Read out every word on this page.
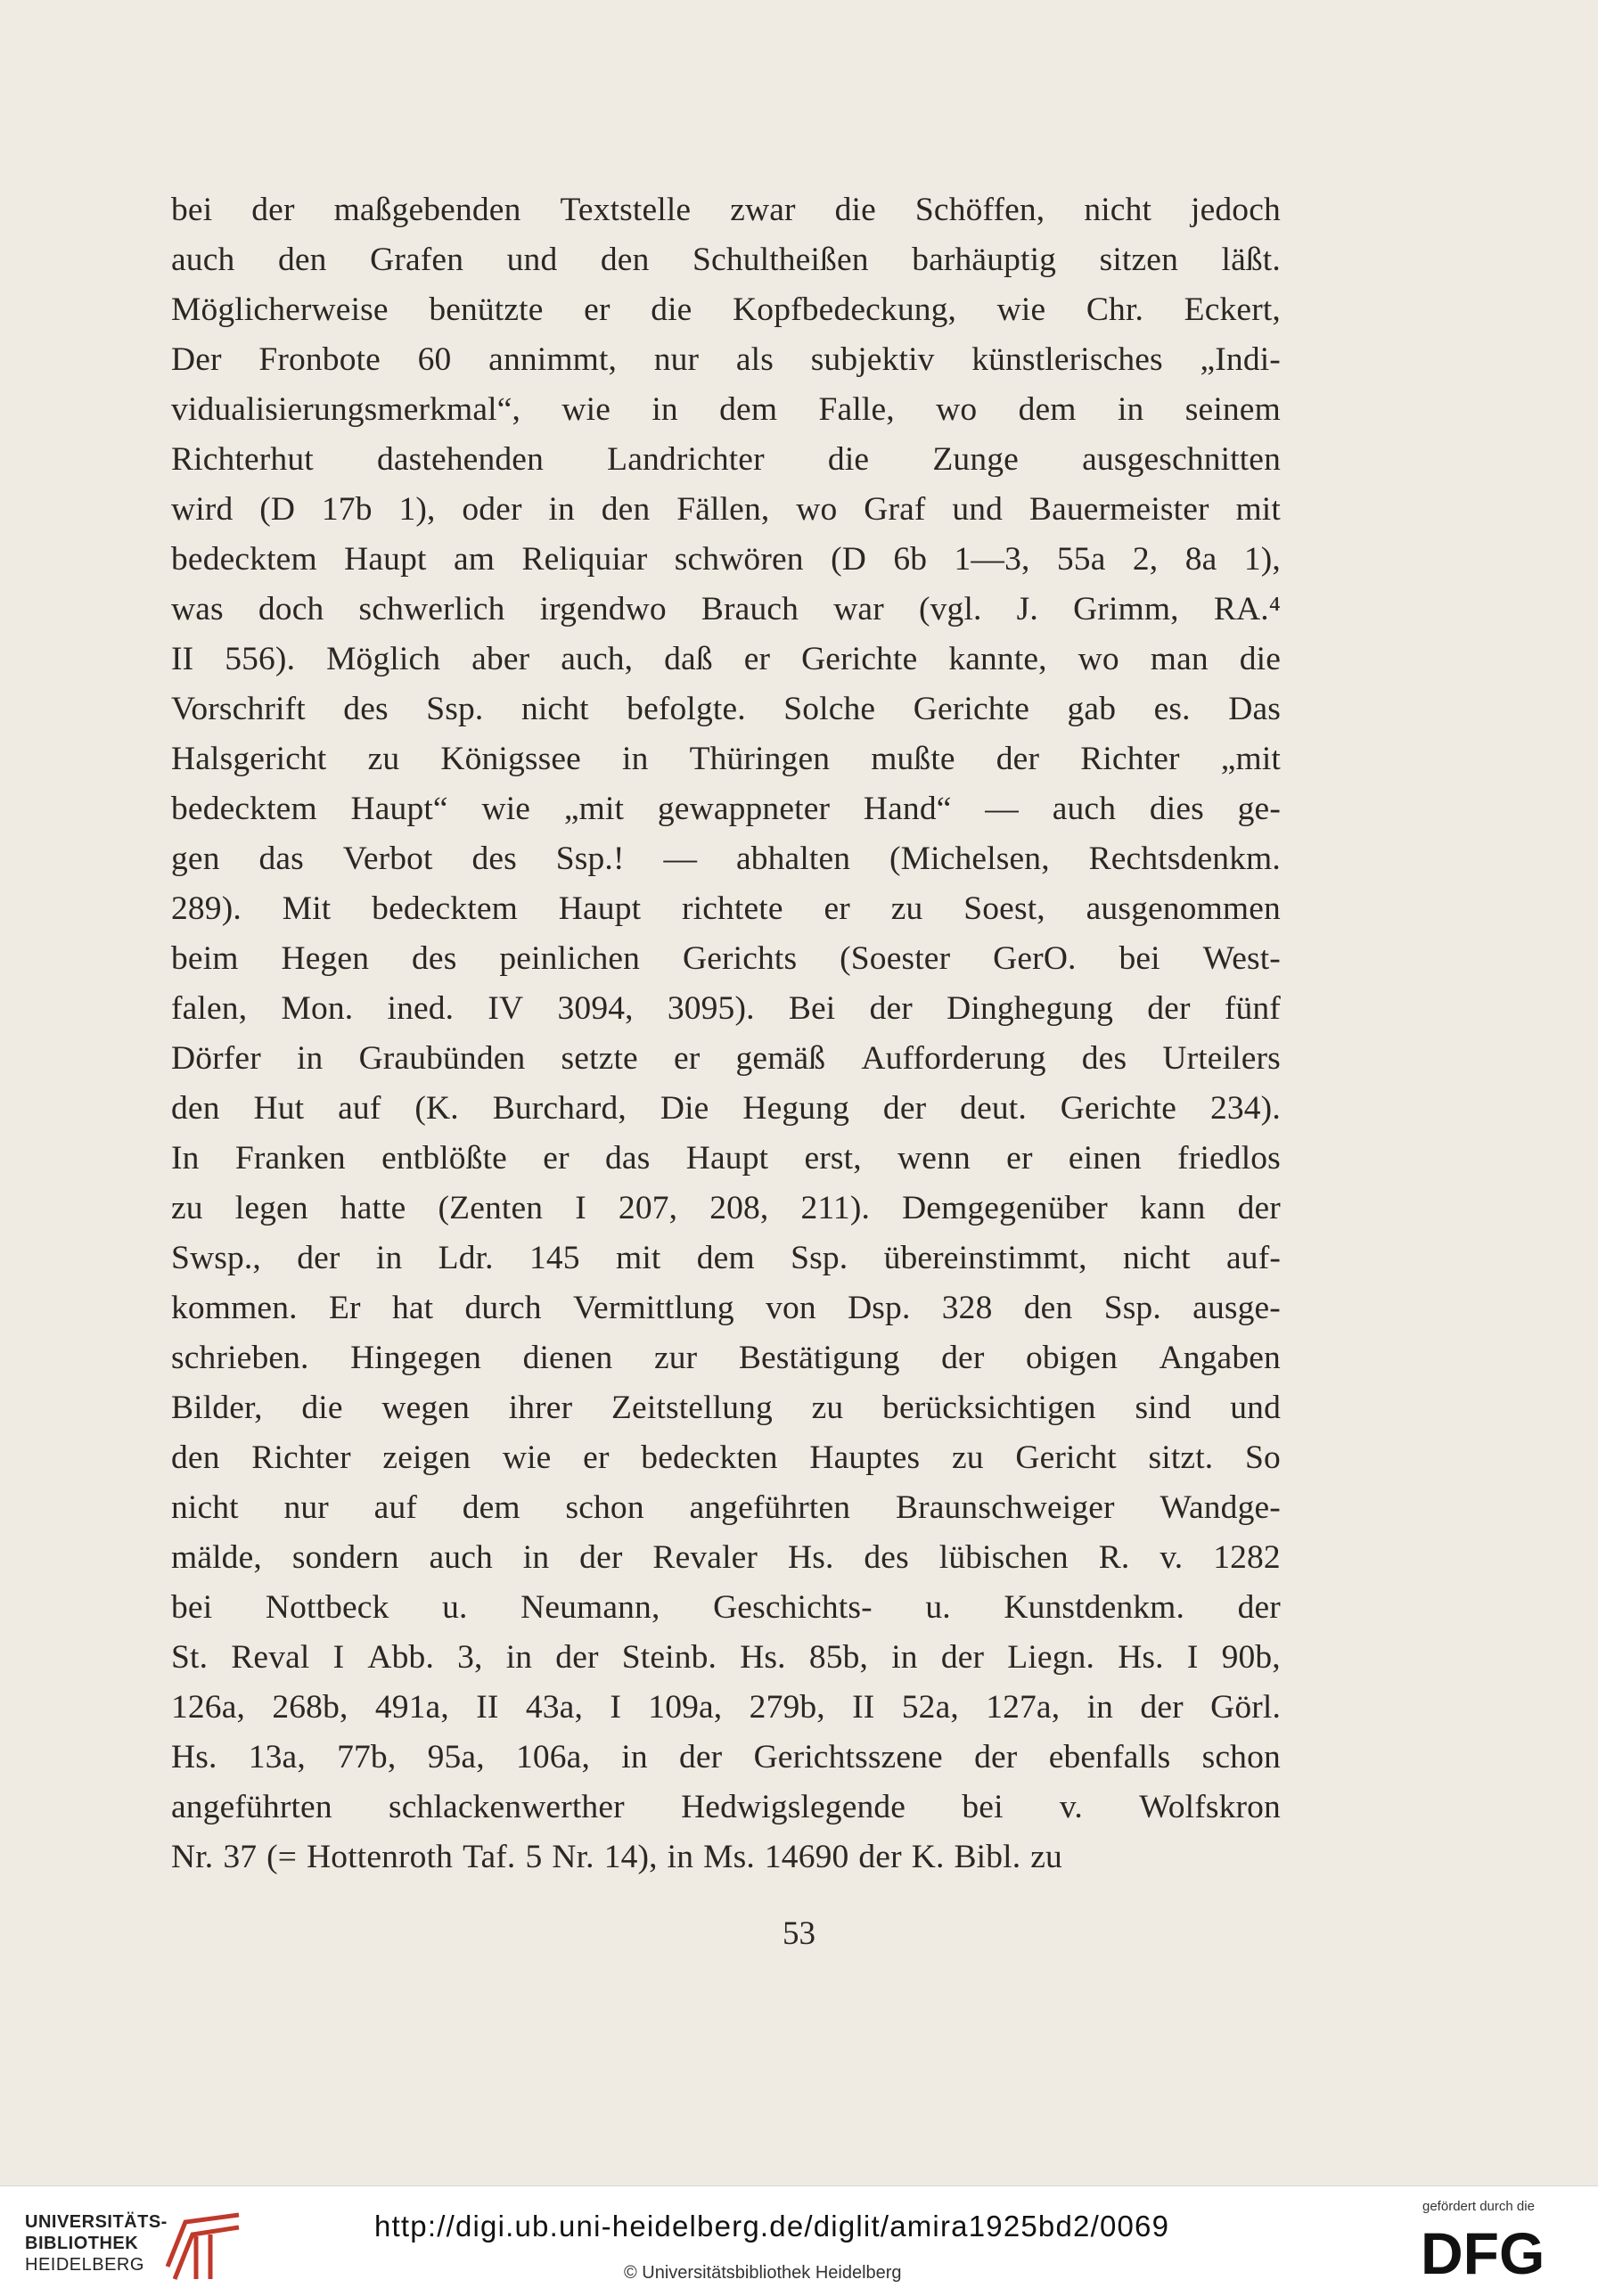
bei der maßgebenden Textstelle zwar die Schöffen, nicht jedoch
auch den Grafen und den Schultheißen barhäuptig sitzen läßt.
Möglicherweise benützte er die Kopfbedeckung, wie Chr. Eckert,
Der Fronbote 60 annimmt, nur als subjektiv künstlerisches „Indi-
vidualisierungsmerkmal“, wie in dem Falle, wo dem in seinem
Richterhut dastehenden Landrichter die Zunge ausgeschnitten
wird (D 17b 1), oder in den Fällen, wo Graf und Bauermeister mit
bedecktem Haupt am Reliquiar schwören (D 6b 1—3, 55a 2, 8a 1),
was doch schwerlich irgendwo Brauch war (vgl. J. Grimm, RA.⁴
II 556). Möglich aber auch, daß er Gerichte kannte, wo man die
Vorschrift des Ssp. nicht befolgte. Solche Gerichte gab es. Das
Halsgericht zu Königssee in Thüringen mußte der Richter „mit
bedecktem Haupt“ wie „mit gewappneter Hand“ — auch dies ge-
gen das Verbot des Ssp.! — abhalten (Michelsen, Rechtsdenkm.
289). Mit bedecktem Haupt richtete er zu Soest, ausgenommen
beim Hegen des peinlichen Gerichts (Soester GerO. bei West-
falen, Mon. ined. IV 3094, 3095). Bei der Dinghegung der fünf
Dörfer in Graubünden setzte er gemäß Aufforderung des Urteilers
den Hut auf (K. Burchard, Die Hegung der deut. Gerichte 234).
In Franken entblößte er das Haupt erst, wenn er einen friedlos
zu legen hatte (Zenten I 207, 208, 211). Demgegenüber kann der
Swsp., der in Ldr. 145 mit dem Ssp. übereinstimmt, nicht auf-
kommen. Er hat durch Vermittlung von Dsp. 328 den Ssp. ausge-
schrieben. Hingegen dienen zur Bestätigung der obigen Angaben
Bilder, die wegen ihrer Zeitstellung zu berücksichtigen sind und
den Richter zeigen wie er bedeckten Hauptes zu Gericht sitzt. So
nicht nur auf dem schon angeführten Braunschweiger Wandge-
mälde, sondern auch in der Revaler Hs. des lübischen R. v. 1282
bei Nottbeck u. Neumann, Geschichts- u. Kunstdenkm. der
St. Reval I Abb. 3, in der Steinb. Hs. 85b, in der Liegn. Hs. I 90b,
126a, 268b, 491a, II 43a, I 109a, 279b, II 52a, 127a, in der Görl.
Hs. 13a, 77b, 95a, 106a, in der Gerichtsszene der ebenfalls schon
angeführten schlackenwerther Hedwigslegende bei v. Wolfskron
Nr. 37 (= Hottenroth Taf. 5 Nr. 14), in Ms. 14690 der K. Bibl. zu
53
UNIVERSITÄTS-
BIBLIOTHEK
HEIDELBERG
http://digi.ub.uni-heidelberg.de/diglit/amira1925bd2/0069
© Universitätsbibliothek Heidelberg
gefördert durch die
DFG
